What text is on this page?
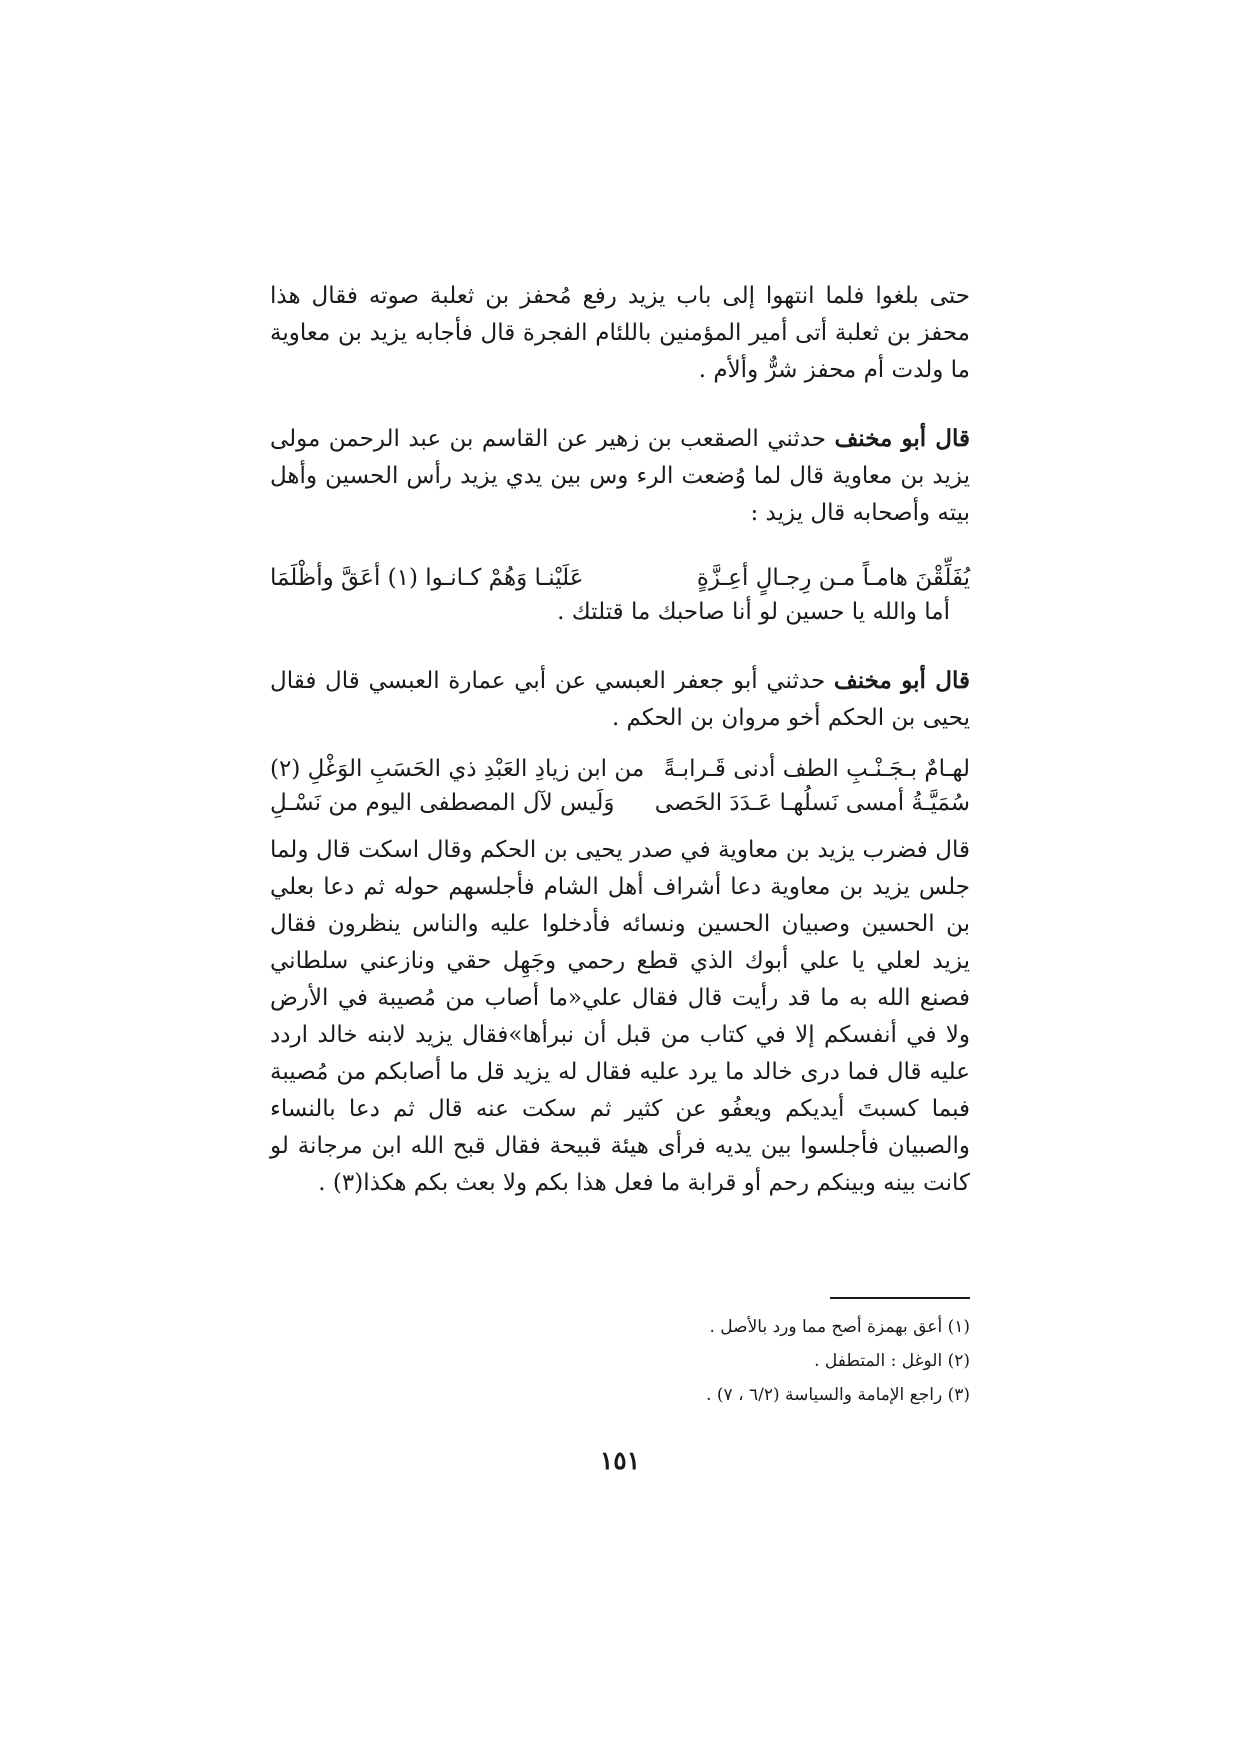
حتى بلغوا فلما انتهوا إلى باب يزيد رفع مُحفز بن ثعلبة صوته فقال هذا محفز بن ثعلبة أتى أمير المؤمنين باللئام الفجرة قال فأجابه يزيد بن معاوية ما ولدت أم محفز شرٌّ وألأم .

قال أبو مخنف حدثني الصقعب بن زهير عن القاسم بن عبد الرحمن مولى يزيد بن معاوية قال لما وُضعت الرء وس بين يدي يزيد رأس الحسين وأهل بيته وأصحابه قال يزيد :

يُفَلِّقْنَ هامـاً مـن رِجـالٍ أعِـزَّةٍ
عَلَيْنـا وَهُمْ كـانـوا (١) أعَقَّ وأظْلَمَا
أما والله يا حسين لو أنا صاحبك ما قتلتك .

قال أبو مخنف حدثني أبو جعفر العبسي عن أبي عمارة العبسي قال فقال يحيى بن الحكم أخو مروان بن الحكم .

لهـامٌ بـجَـنْـبِ الطف أدنى قَـرابـةً
من ابن زيادِ العَبْدِ ذي الحَسَبِ الوَغْلِ (٢)
سُمَيَّـةُ أمسى نَسلُهـا عَـدَدَ الحَصى
وَلَيس لآل المصطفى اليوم من نَسْـلِ

قال فضرب يزيد بن معاوية في صدر يحيى بن الحكم وقال اسكت قال ولما جلس يزيد بن معاوية دعا أشراف أهل الشام فأجلسهم حوله ثم دعا بعلي بن الحسين وصبيان الحسين ونسائه فأدخلوا عليه والناس ينظرون فقال يزيد لعلي يا علي أبوك الذي قطع رحمي وجَهِل حقي ونازعني سلطاني فصنع الله به ما قد رأيت قال فقال علي«ما أصاب من مُصيبة في الأرض ولا في أنفسكم إلا في كتاب من قبل أن نبرأها»فقال يزيد لابنه خالد اردد عليه قال فما درى خالد ما يرد عليه فقال له يزيد قل ما أصابكم من مُصيبة فبما كسبتَ أيديكم ويعفُو عن كثير ثم سكت عنه قال ثم دعا بالنساء والصبيان فأجلسوا بين يديه فرأى هيئة قبيحة فقال قبح الله ابن مرجانة لو كانت بينه وبينكم رحم أو قرابة ما فعل هذا بكم ولا بعث بكم هكذا(٣) .

(١) أعق بهمزة أصح مما ورد بالأصل .
(٢) الوغل : المتطفل .
(٣) راجع الإمامة والسياسة (٦/٢ ، ٧) .
١٥١
